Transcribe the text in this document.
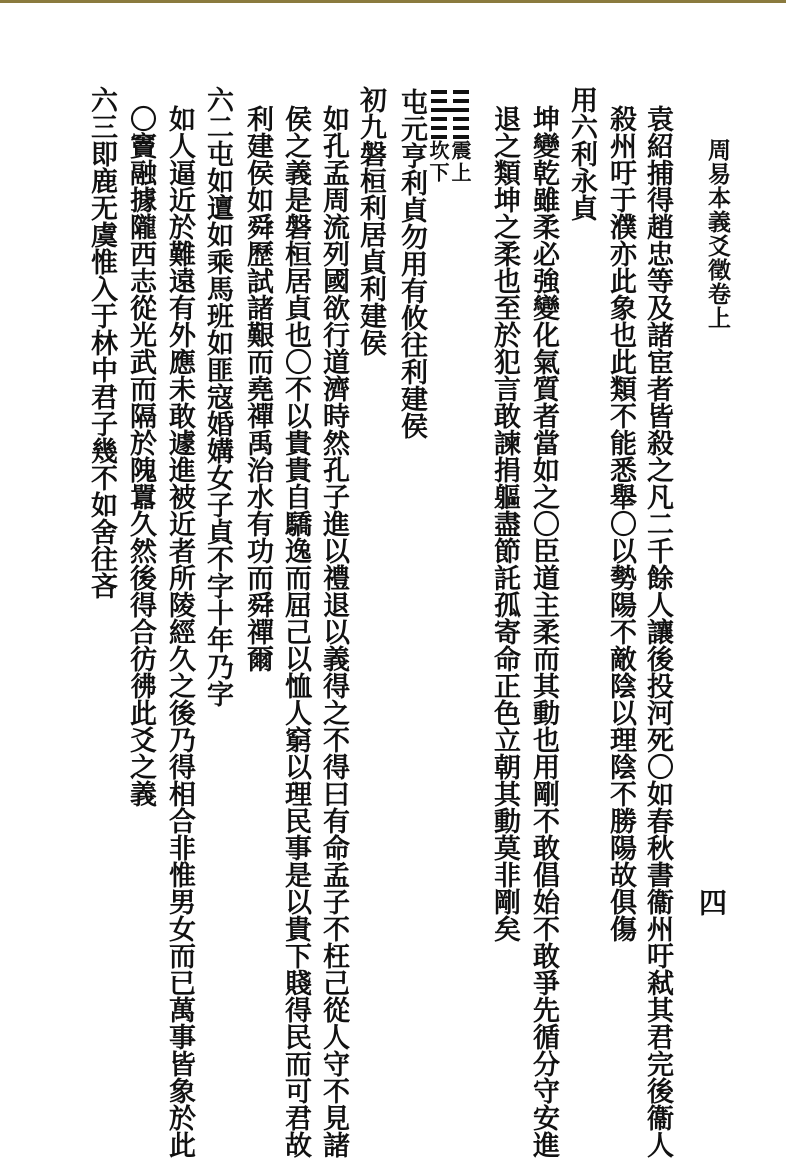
周易本義爻徵卷上
四
袁紹捕得趙忠等及諸宦者皆殺之凡二千餘人讓後投河死〇如春秋書衞州吁弒其君完後衞人
殺州吁于濮亦此象也此類不能悉舉〇以勢陽不敵陰以理陰不勝陽故俱傷
用六利永貞
坤變乾雖柔必強變化氣質者當如之〇臣道主柔而其動也用剛不敢倡始不敢爭先循分守安進
退之類坤之柔也至於犯言敢諫捐軀盡節託孤寄命正色立朝其動莫非剛矣
震
上
坎
下
屯元亨利貞勿用有攸往利建侯
初九磐桓利居貞利建侯
如孔孟周流列國欲行道濟時然孔子進以禮退以義得之不得曰有命孟子不枉己從人守不見諸
侯之義是磐桓居貞也〇不以貴貴自驕逸而屈己以恤人窮以理民事是以貴下賤得民而可君故
利建侯如舜歷試諸艱而堯禪禹治水有功而舜禪爾
六二屯如邅如乘馬班如匪寇婚媾女子貞不字十年乃字
如人逼近於難遠有外應未敢遽進被近者所陵經久之後乃得相合非惟男女而已萬事皆象於此
〇竇融據隴西志從光武而隔於隗囂久然後得合彷彿此爻之義
六三即鹿无虞惟入于林中君子幾不如舍往吝
